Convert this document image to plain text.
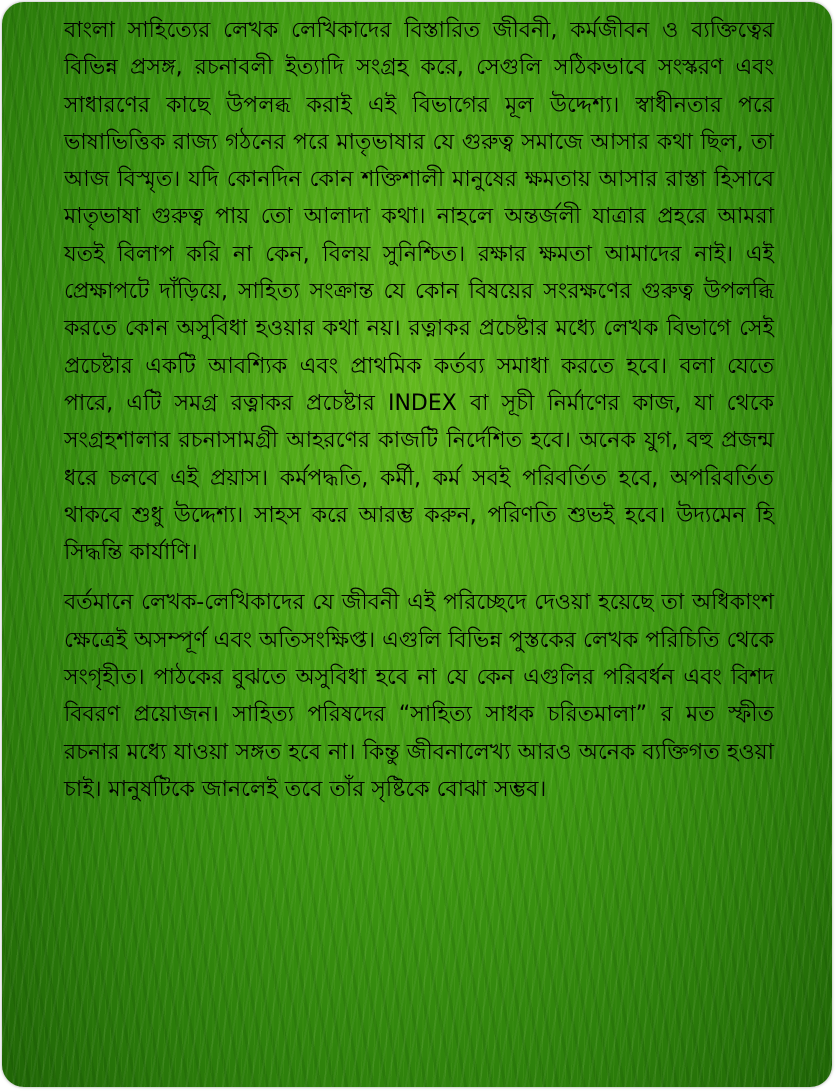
বাংলা সাহিত্যের লেখক লেখিকাদের বিস্তারিত জীবনী, কর্মজীবন ও ব্যক্তিত্বের বিভিন্ন প্রসঙ্গ, রচনাবলী ইত্যাদি সংগ্রহ করে, সেগুলি সঠিকভাবে সংস্করণ এবং সাধারণের কাছে উপলব্ধ করাই এই বিভাগের মূল উদ্দেশ্য। স্বাধীনতার পরে ভাষাভিত্তিক রাজ্য গঠনের পরে মাতৃভাষার যে গুরুত্ব সমাজে আসার কথা ছিল, তা আজ বিস্মৃত। যদি কোনদিন কোন শক্তিশালী মানুষের ক্ষমতায় আসার রাস্তা হিসাবে মাতৃভাষা গুরুত্ব পায় তো আলাদা কথা। নাহলে অন্তর্জলী যাত্রার প্রহরে আমরা যতই বিলাপ করি না কেন, বিলয় সুনিশ্চিত। রক্ষার ক্ষমতা আমাদের নাই। এই প্রেক্ষাপটে দাঁড়িয়ে, সাহিত্য সংক্রান্ত যে কোন বিষয়ের সংরক্ষণের গুরুত্ব উপলব্ধি করতে কোন অসুবিধা হওয়ার কথা নয়। রত্নাকর প্রচেষ্টার মধ্যে লেখক বিভাগে সেই প্রচেষ্টার একটি আবশ্যিক এবং প্রাথমিক কর্তব্য সমাধা করতে হবে। বলা যেতে পারে, এটি সমগ্র রত্নাকর প্রচেষ্টার INDEX বা সূচী নির্মাণের কাজ, যা থেকে সংগ্রহশালার রচনাসামগ্রী আহরণের কাজটি নির্দেশিত হবে। অনেক যুগ, বহু প্রজন্ম ধরে চলবে এই প্রয়াস। কর্মপদ্ধতি, কর্মী, কর্ম সবই পরিবর্তিত হবে, অপরিবর্তিত থাকবে শুধু উদ্দেশ্য। সাহস করে আরম্ভ করুন, পরিণতি শুভই হবে। উদ্যমেন হি সিদ্ধন্তি কার্যাণি।

বর্তমানে লেখক-লেখিকাদের যে জীবনী এই পরিচ্ছেদে দেওয়া হয়েছে তা অধিকাংশ ক্ষেত্রেই অসম্পূর্ণ এবং অতিসংক্ষিপ্ত। এগুলি বিভিন্ন পুস্তকের লেখক পরিচিতি থেকে সংগৃহীত। পাঠকের বুঝতে অসুবিধা হবে না যে কেন এগুলির পরিবর্ধন এবং বিশদ বিবরণ প্রয়োজন। সাহিত্য পরিষদের “সাহিত্য সাধক চরিতমালা” র মত স্ফীত রচনার মধ্যে যাওয়া সঙ্গত হবে না। কিন্তু জীবনালেখ্য আরও অনেক ব্যক্তিগত হওয়া চাই। মানুষটিকে জানলেই তবে তাঁর সৃষ্টিকে বোঝা সম্ভব।
